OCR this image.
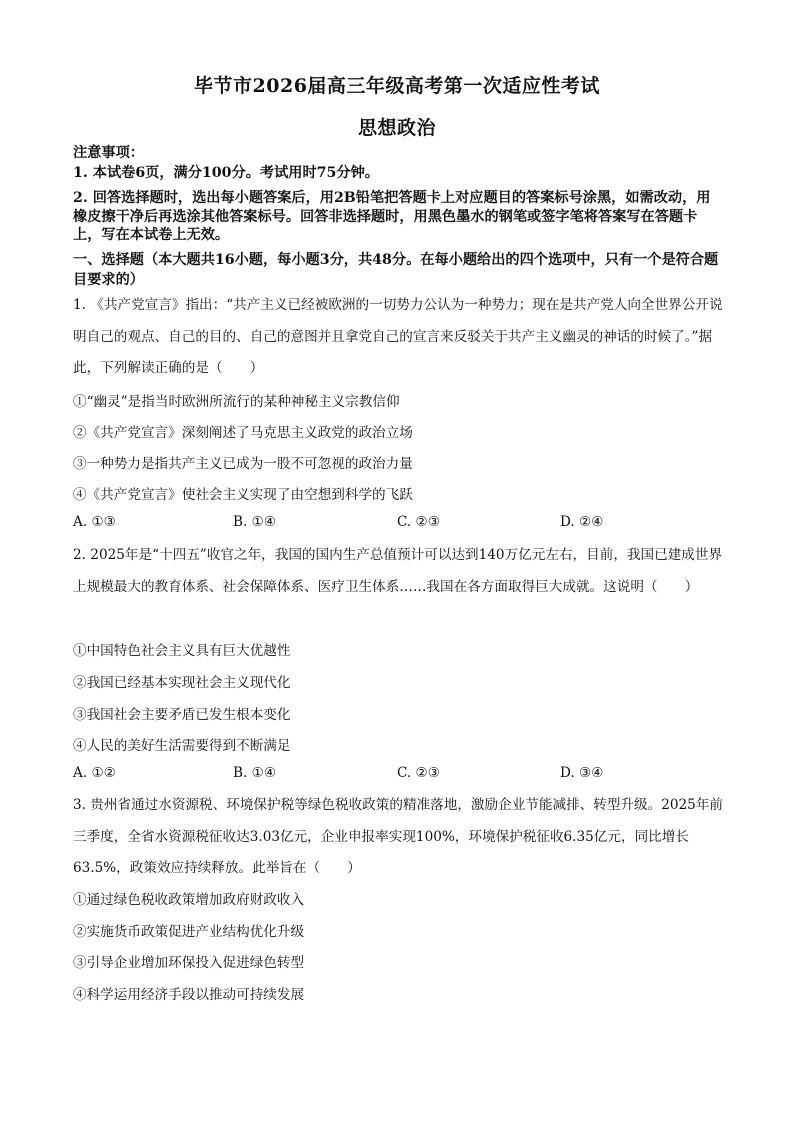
毕节市2026届高三年级高考第一次适应性考试
思想政治
注意事项：
1. 本试卷6页，满分100分。考试用时75分钟。
2. 回答选择题时，选出每小题答案后，用2B铅笔把答题卡上对应题目的答案标号涂黑，如需改动，用橡皮擦干净后再选涂其他答案标号。回答非选择题时，用黑色墨水的钢笔或签字笔将答案写在答题卡上，写在本试卷上无效。
一、选择题（本大题共16小题，每小题3分，共48分。在每小题给出的四个选项中，只有一个是符合题目要求的）
1. 《共产党宣言》指出：“共产主义已经被欧洲的一切势力公认为一种势力；现在是共产党人向全世界公开说明自己的观点、自己的目的、自己的意图并且拿党自己的宣言来反驳关于共产主义幽灵的神话的时候了。”据此，下列解读正确的是（　　）
①“幽灵”是指当时欧洲所流行的某种神秘主义宗教信仰
②《共产党宣言》深刻阐述了马克思主义政党的政治立场
③一种势力是指共产主义已成为一股不可忽视的政治力量
④《共产党宣言》使社会主义实现了由空想到科学的飞跃
A. ①③	B. ①④	C. ②③	D. ②④
2. 2025年是“十四五”收官之年，我国的国内生产总值预计可以达到140万亿元左右，目前，我国已建成世界上规模最大的教育体系、社会保障体系、医疗卫生体系……我国在各方面取得巨大成就。这说明（　　）
①中国特色社会主义具有巨大优越性
②我国已经基本实现社会主义现代化
③我国社会主要矛盾已发生根本变化
④人民的美好生活需要得到不断满足
A. ①②	B. ①④	C. ②③	D. ③④
3. 贵州省通过水资源税、环境保护税等绿色税收政策的精准落地，激励企业节能减排、转型升级。2025年前三季度，全省水资源税征收达3.03亿元，企业申报率实现100%，环境保护税征收6.35亿元，同比增长63.5%，政策效应持续释放。此举旨在（　　）
①通过绿色税收政策增加政府财政收入
②实施货币政策促进产业结构优化升级
③引导企业增加环保投入促进绿色转型
④科学运用经济手段以推动可持续发展
